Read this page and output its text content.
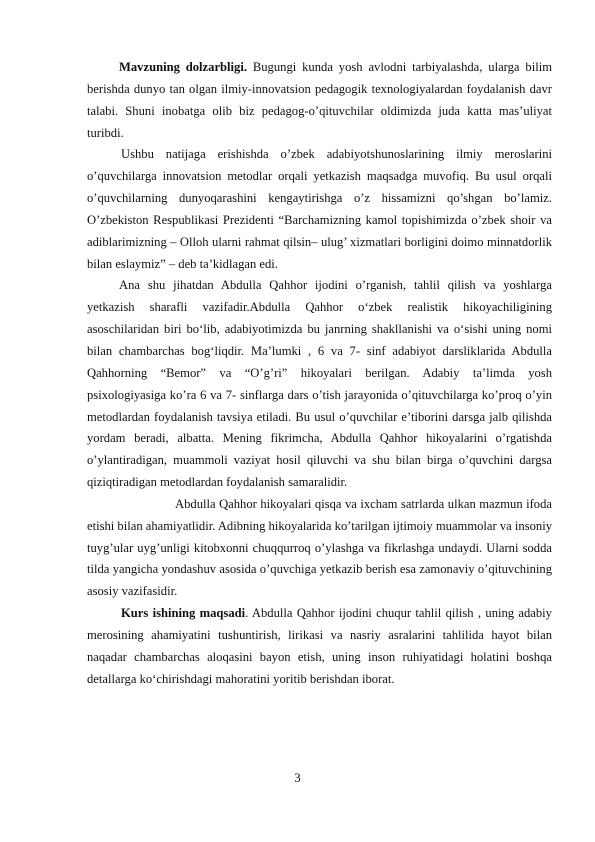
Mavzuning dolzarbligi. Bugungi kunda yosh avlodni tarbiyalashda, ularga bilim berishda dunyo tan olgan ilmiy-innovatsion pedagogik texnologiyalardan foydalanish davr talabi. Shuni inobatga olib biz pedagog-o’qituvchilar oldimizda juda katta mas’uliyat turibdi.

Ushbu natijaga erishishda o’zbek adabiyotshunoslarining ilmiy meroslarini o’quvchilarga innovatsion metodlar orqali yetkazish maqsadga muvofiq. Bu usul orqali o’quvchilarning dunyoqarashini kengaytirishga o’z hissamizni qo’shgan bo’lamiz. O’zbekiston Respublikasi Prezidenti “Barchamizning kamol topishimizda o’zbek shoir va adiblarimizning – Olloh ularni rahmat qilsin– ulug’ xizmatlari borligini doimo minnatdorlik bilan eslaymiz” – deb ta’kidlagan edi.

Ana shu jihatdan Abdulla Qahhor ijodini o’rganish, tahlil qilish va yoshlarga yetkazish sharafli vazifadir.Abdulla Qahhor o‘zbek realistik hikoyachiligining asoschilaridan biri bo‘lib, adabiyotimizda bu janrning shakllanishi va o‘sishi uning nomi bilan chambarchas bog‘liqdir. Ma’lumki , 6 va 7- sinf adabiyot darsliklarida Abdulla Qahhorning “Bemor” va “O’g’ri” hikoyalari berilgan. Adabiy ta’limda yosh psixologiyasiga ko’ra 6 va 7- sinflarga dars o’tish jarayonida o’qituvchilarga ko’proq o’yin metodlardan foydalanish tavsiya etiladi. Bu usul o’quvchilar e’tiborini darsga jalb qilishda yordam beradi, albatta. Mening fikrimcha, Abdulla Qahhor hikoyalarini o’rgatishda o’ylantiradigan, muammoli vaziyat hosil qiluvchi va shu bilan birga o’quvchini dargsa qiziqtiradigan metodlardan foydalanish samaralidir.

Abdulla Qahhor hikoyalari qisqa va ixcham satrlarda ulkan mazmun ifoda etishi bilan ahamiyatlidir. Adibning hikoyalarida ko’tarilgan ijtimoiy muammolar va insoniy tuyg’ular uyg’unligi kitobxonni chuqqurroq o’ylashga va fikrlashga undaydi. Ularni sodda tilda yangicha yondashuv asosida o’quvchiga yetkazib berish esa zamonaviy o’qituvchining asosiy vazifasidir.

Kurs ishining maqsadi. Abdulla Qahhor ijodini chuqur tahlil qilish , uning adabiy merosining ahamiyatini tushuntirish, lirikasi va nasriy asralarini tahlilida hayot bilan naqadar chambarchas aloqasini bayon etish, uning inson ruhiyatidagi holatini boshqa detallarga ko‘chirishdagi mahoratini yoritib berishdan iborat.

3
